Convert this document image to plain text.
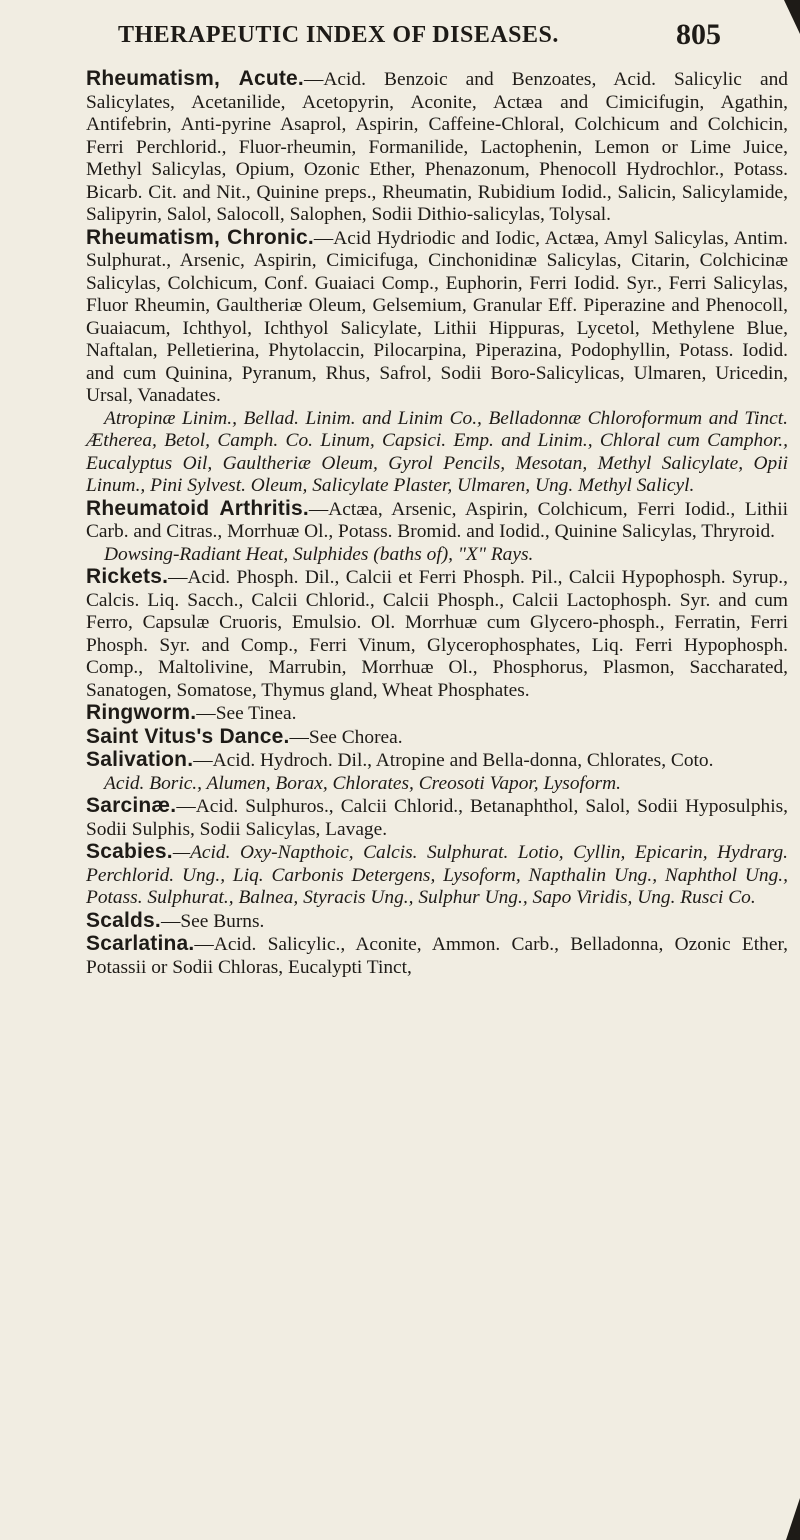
THERAPEUTIC INDEX OF DISEASES.	805

Rheumatism, Acute.—Acid. Benzoic and Benzoates, Acid. Salicylic and Salicylates, Acetanilide, Acetopyrin, Aconite, Actæa and Cimicifugin, Agathin, Antifebrin, Anti-pyrine Asaprol, Aspirin, Caffeine-Chloral, Colchicum and Colchicin, Ferri Perchlorid., Fluor-rheumin, Formanilide, Lactophenin, Lemon or Lime Juice, Methyl Salicylas, Opium, Ozonic Ether, Phenazonum, Phenocoll Hydrochlor., Potass. Bicarb. Cit. and Nit., Quinine preps., Rheumatin, Rubidium Iodid., Salicin, Salicylamide, Salipyrin, Salol, Salocoll, Salophen, Sodii Dithio-salicylas, Tolysal.

Rheumatism, Chronic.—Acid Hydriodic and Iodic, Actæa, Amyl Salicylas, Antim. Sulphurat., Arsenic, Aspirin, Cimicifuga, Cinchonidinæ Salicylas, Citarin, Colchicinæ Salicylas, Colchicum, Conf. Guaiaci Comp., Euphorin, Ferri Iodid. Syr., Ferri Salicylas, Fluor Rheumin, Gaultheriæ Oleum, Gelsemium, Granular Eff. Piperazine and Phenocoll, Guaiacum, Ichthyol, Ichthyol Salicylate, Lithii Hippuras, Lycetol, Methylene Blue, Naftalan, Pelletierina, Phytolaccin, Pilocarpina, Piperazina, Podophyllin, Potass. Iodid. and cum Quinina, Pyranum, Rhus, Safrol, Sodii Boro-Salicylicas, Ulmaren, Uricedin, Ursal, Vanadates.

Atropinæ Linim., Bellad. Linim. and Linim Co., Belladonnæ Chloroformum and Tinct. Ætherea, Betol, Camph. Co. Linum, Capsici. Emp. and Linim., Chloral cum Camphor., Eucalyptus Oil, Gaultheriæ Oleum, Gyrol Pencils, Mesotan, Methyl Salicylate, Opii Linum., Pini Sylvest. Oleum, Salicylate Plaster, Ulmaren, Ung. Methyl Salicyl.

Rheumatoid Arthritis.—Actæa, Arsenic, Aspirin, Colchicum, Ferri Iodid., Lithii Carb. and Citras., Morrhuæ Ol., Potass. Bromid. and Iodid., Quinine Salicylas, Thryroid.

Dowsing-Radiant Heat, Sulphides (baths of), "X" Rays.

Rickets.—Acid. Phosph. Dil., Calcii et Ferri Phosph. Pil., Calcii Hypophosph. Syrup., Calcis. Liq. Sacch., Calcii Chlorid., Calcii Phosph., Calcii Lactophosph. Syr. and cum Ferro, Capsulæ Cruoris, Emulsio. Ol. Morrhuæ cum Glycero-phosph., Ferratin, Ferri Phosph. Syr. and Comp., Ferri Vinum, Glycerophosphates, Liq. Ferri Hypophosph. Comp., Maltolivine, Marrubin, Morrhuæ Ol., Phosphorus, Plasmon, Saccharated, Sanatogen, Somatose, Thymus gland, Wheat Phosphates.

Ringworm.—See Tinea.

Saint Vitus's Dance.—See Chorea.

Salivation.—Acid. Hydroch. Dil., Atropine and Bella-donna, Chlorates, Coto.

Acid. Boric., Alumen, Borax, Chlorates, Creosoti Vapor, Lysoform.

Sarcinæ.—Acid. Sulphuros., Calcii Chlorid., Betanaphthol, Salol, Sodii Hyposulphis, Sodii Sulphis, Sodii Salicylas, Lavage.

Scabies.—Acid. Oxy-Napthoic, Calcis. Sulphurat. Lotio, Cyllin, Epicarin, Hydrarg. Perchlorid. Ung., Liq. Carbonis Detergens, Lysoform, Napthalin Ung., Naphthol Ung., Potass. Sulphurat., Balnea, Styracis Ung., Sulphur Ung., Sapo Viridis, Ung. Rusci Co.

Scalds.—See Burns.

Scarlatina.—Acid. Salicylic., Aconite, Ammon. Carb., Belladonna, Ozonic Ether, Potassii or Sodii Chloras, Eucalypti Tinct,
